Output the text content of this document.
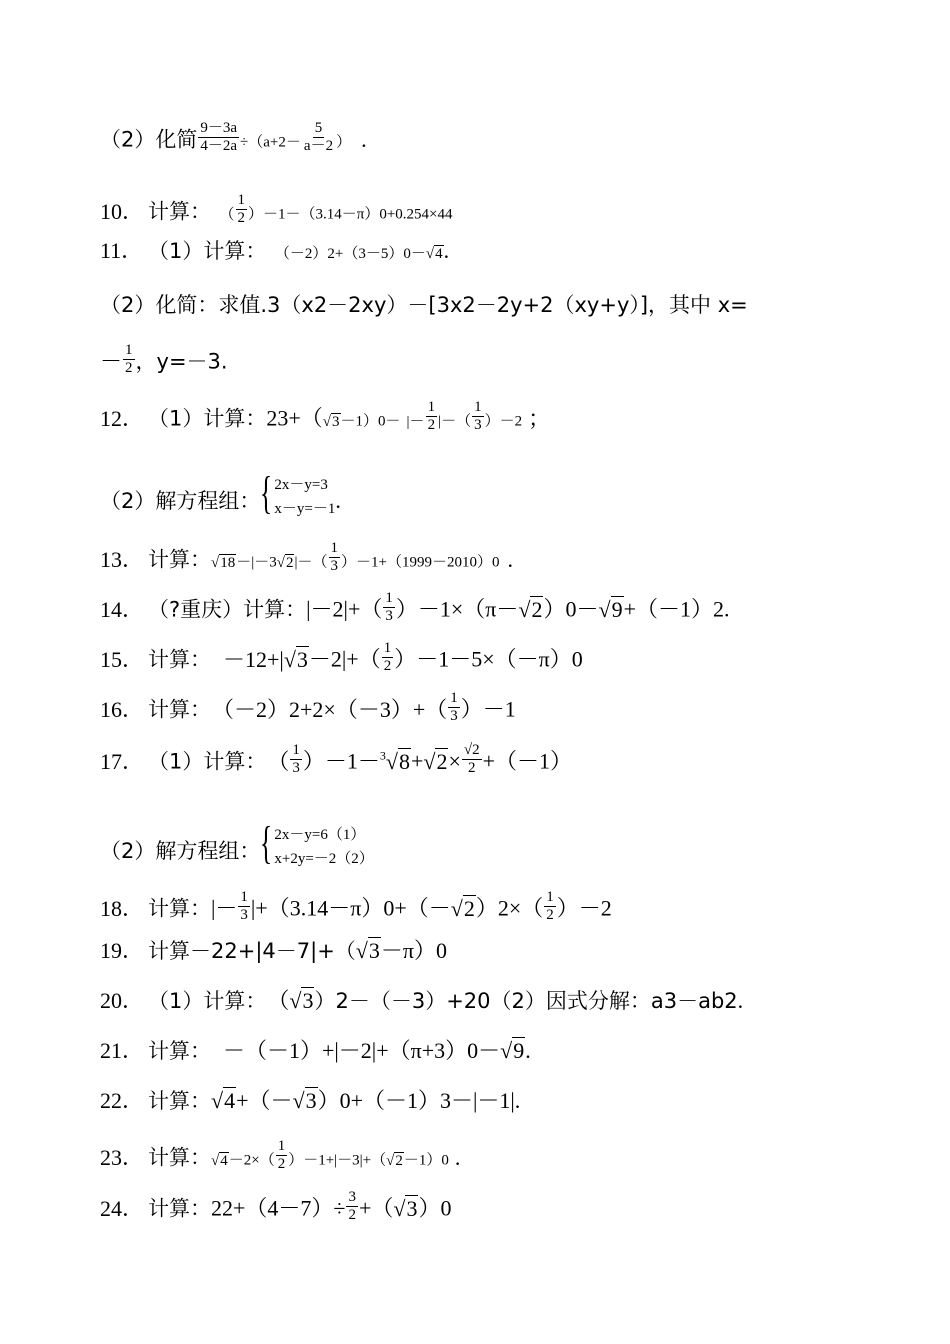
（2）化简 $\frac{9-3a}{4-2a} \div(a+2- \frac{5}{a-2}$ ） .
10． 计算： （ $\frac{1}{2} )-1-(3.14-\pi)0+0.254\times 44$
11． （1）计算： （－2）2+（3－5）0－√4.
（2）化简：求值.3（x2－2xy）－[3x2－2y+2（xy+y）]，其中 x=
－ $\frac{1}{2}$ ，y=－3.
12． （1）计算：23+（√3－1）0－ |－ $\frac{1}{2}$ |－（ $\frac{1}{3} )-2$ ；
（2）解方程组： { 2x－y=3
x－y=－1 .
13． 计算：$√18-|-3√2|-( \frac{1}{3} )-1+(1999-2010)0$ .
14． （?重庆）计算：$|-2|+( \frac{1}{3} )-1\times(\pi-√2)0-√9+(-1)2$.
15． 计算： $-12+|√3-2|+( \frac{1}{2} )-1-5\times(-\pi)0$
16． 计算： $(-2)2+2\times(-3)+( \frac{1}{3} )-1$
17． （1）计算： （ $\frac{1}{3} )-1-^3√8+√2\times \frac{√2}{2} +(-1)$
（2）解方程组： { 2x－y=6（1）
x+2y=－2（2）
18． 计算：|－ $\frac{1}{3} |+(3.14-\pi)0+(-√2)2\times( \frac{1}{2} )-2$
19． 计算－22+|4－7|+（√3－π）0
20． （1）计算： （√3）2－（－3）+20（2）因式分解：a3－ab2.
21． 计算： －（－1）+|－2|+（π+3）0－√9.
22． 计算：√4+（－√3）0+（－1）3－|－1|.
23． 计算：$√4-2\times( \frac{1}{2} )-1+|-3|+(√2-1)0$ .
24． 计算：$22+(4-7)\div \frac{3}{2} +(√3)0$
